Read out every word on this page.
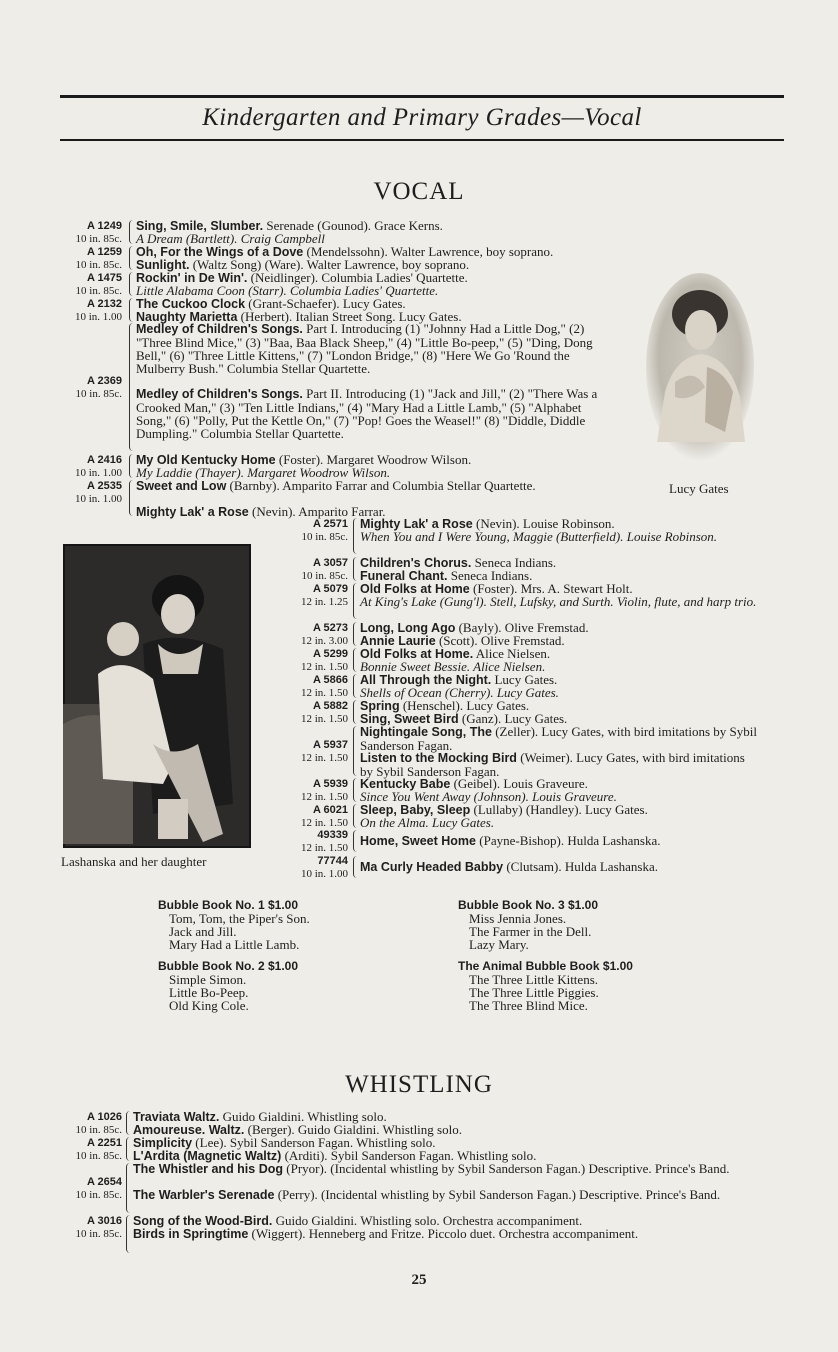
Kindergarten and Primary Grades—Vocal
VOCAL
Lucy Gates
Lashanska and her daughter
A 1249
10 in. 85c.
Sing, Smile, Slumber. Serenade (Gounod). Grace Kerns.
A Dream (Bartlett). Craig Campbell
A 1259
10 in. 85c.
Oh, For the Wings of a Dove (Mendelssohn). Walter Lawrence, boy soprano.
Sunlight. (Waltz Song) (Ware). Walter Lawrence, boy soprano.
A 1475
10 in. 85c.
Rockin' in De Win'. (Neidlinger). Columbia Ladies' Quartette.
Little Alabama Coon (Starr). Columbia Ladies' Quartette.
A 2132
10 in. 1.00
The Cuckoo Clock (Grant-Schaefer). Lucy Gates.
Naughty Marietta (Herbert). Italian Street Song. Lucy Gates.
A 2369
10 in. 85c.
Medley of Children's Songs. Part I. Introducing (1) "Johnny Had a Little Dog," (2) "Three Blind Mice," (3) "Baa, Baa Black Sheep," (4) "Little Bo-peep," (5) "Ding, Dong Bell," (6) "Three Little Kittens," (7) "London Bridge," (8) "Here We Go 'Round the Mulberry Bush." Columbia Stellar Quartette.
Medley of Children's Songs. Part II. Introducing (1) "Jack and Jill," (2) "There Was a Crooked Man," (3) "Ten Little Indians," (4) "Mary Had a Little Lamb," (5) "Alphabet Song," (6) "Polly, Put the Kettle On," (7) "Pop! Goes the Weasel!" (8) "Diddle, Diddle Dumpling." Columbia Stellar Quartette.
A 2416
10 in. 1.00
My Old Kentucky Home (Foster). Margaret Woodrow Wilson.
My Laddie (Thayer). Margaret Woodrow Wilson.
A 2535
10 in. 1.00
Sweet and Low (Barnby). Amparito Farrar and Columbia Stellar Quartette.
Mighty Lak' a Rose (Nevin). Amparito Farrar.
A 2571
10 in. 85c.
Mighty Lak' a Rose (Nevin). Louise Robinson.
When You and I Were Young, Maggie (Butterfield). Louise Robinson.
A 3057
10 in. 85c.
Children's Chorus. Seneca Indians.
Funeral Chant. Seneca Indians.
A 5079
12 in. 1.25
Old Folks at Home (Foster). Mrs. A. Stewart Holt.
At King's Lake (Gung'l). Stell, Lufsky, and Surth. Violin, flute, and harp trio.
A 5273
12 in. 3.00
Long, Long Ago (Bayly). Olive Fremstad.
Annie Laurie (Scott). Olive Fremstad.
A 5299
12 in. 1.50
Old Folks at Home. Alice Nielsen.
Bonnie Sweet Bessie. Alice Nielsen.
A 5866
12 in. 1.50
All Through the Night. Lucy Gates.
Shells of Ocean (Cherry). Lucy Gates.
A 5882
12 in. 1.50
Spring (Henschel). Lucy Gates.
Sing, Sweet Bird (Ganz). Lucy Gates.
A 5937
12 in. 1.50
Nightingale Song, The (Zeller). Lucy Gates, with bird imitations by Sybil Sanderson Fagan.
Listen to the Mocking Bird (Weimer). Lucy Gates, with bird imitations by Sybil Sanderson Fagan.
A 5939
12 in. 1.50
Kentucky Babe (Geibel). Louis Graveure.
Since You Went Away (Johnson). Louis Graveure.
A 6021
12 in. 1.50
Sleep, Baby, Sleep (Lullaby) (Handley). Lucy Gates.
On the Alma. Lucy Gates.
49339
12 in. 1.50 Home, Sweet Home (Payne-Bishop). Hulda Lashanska.
77744
10 in. 1.00 Ma Curly Headed Babby (Clutsam). Hulda Lashanska.
Bubble Book No. 1 $1.00
Tom, Tom, the Piper's Son.
Jack and Jill.
Mary Had a Little Lamb.
Bubble Book No. 2 $1.00
Simple Simon.
Little Bo-Peep.
Old King Cole.
Bubble Book No. 3 $1.00
Miss Jennia Jones.
The Farmer in the Dell.
Lazy Mary.
The Animal Bubble Book $1.00
The Three Little Kittens.
The Three Little Piggies.
The Three Blind Mice.
WHISTLING
A 1026
10 in. 85c.
Traviata Waltz. Guido Gialdini. Whistling solo.
Amoureuse. Waltz. (Berger). Guido Gialdini. Whistling solo.
A 2251
10 in. 85c.
Simplicity (Lee). Sybil Sanderson Fagan. Whistling solo.
L'Ardita (Magnetic Waltz) (Arditi). Sybil Sanderson Fagan. Whistling solo.
A 2654
10 in. 85c.
The Whistler and his Dog (Pryor). (Incidental whistling by Sybil Sanderson Fagan.) Descriptive. Prince's Band.
The Warbler's Serenade (Perry). (Incidental whistling by Sybil Sanderson Fagan.) Descriptive. Prince's Band.
A 3016
10 in. 85c.
Song of the Wood-Bird. Guido Gialdini. Whistling solo. Orchestra accompaniment.
Birds in Springtime (Wiggert). Henneberg and Fritze. Piccolo duet. Orchestra accompaniment.
25
